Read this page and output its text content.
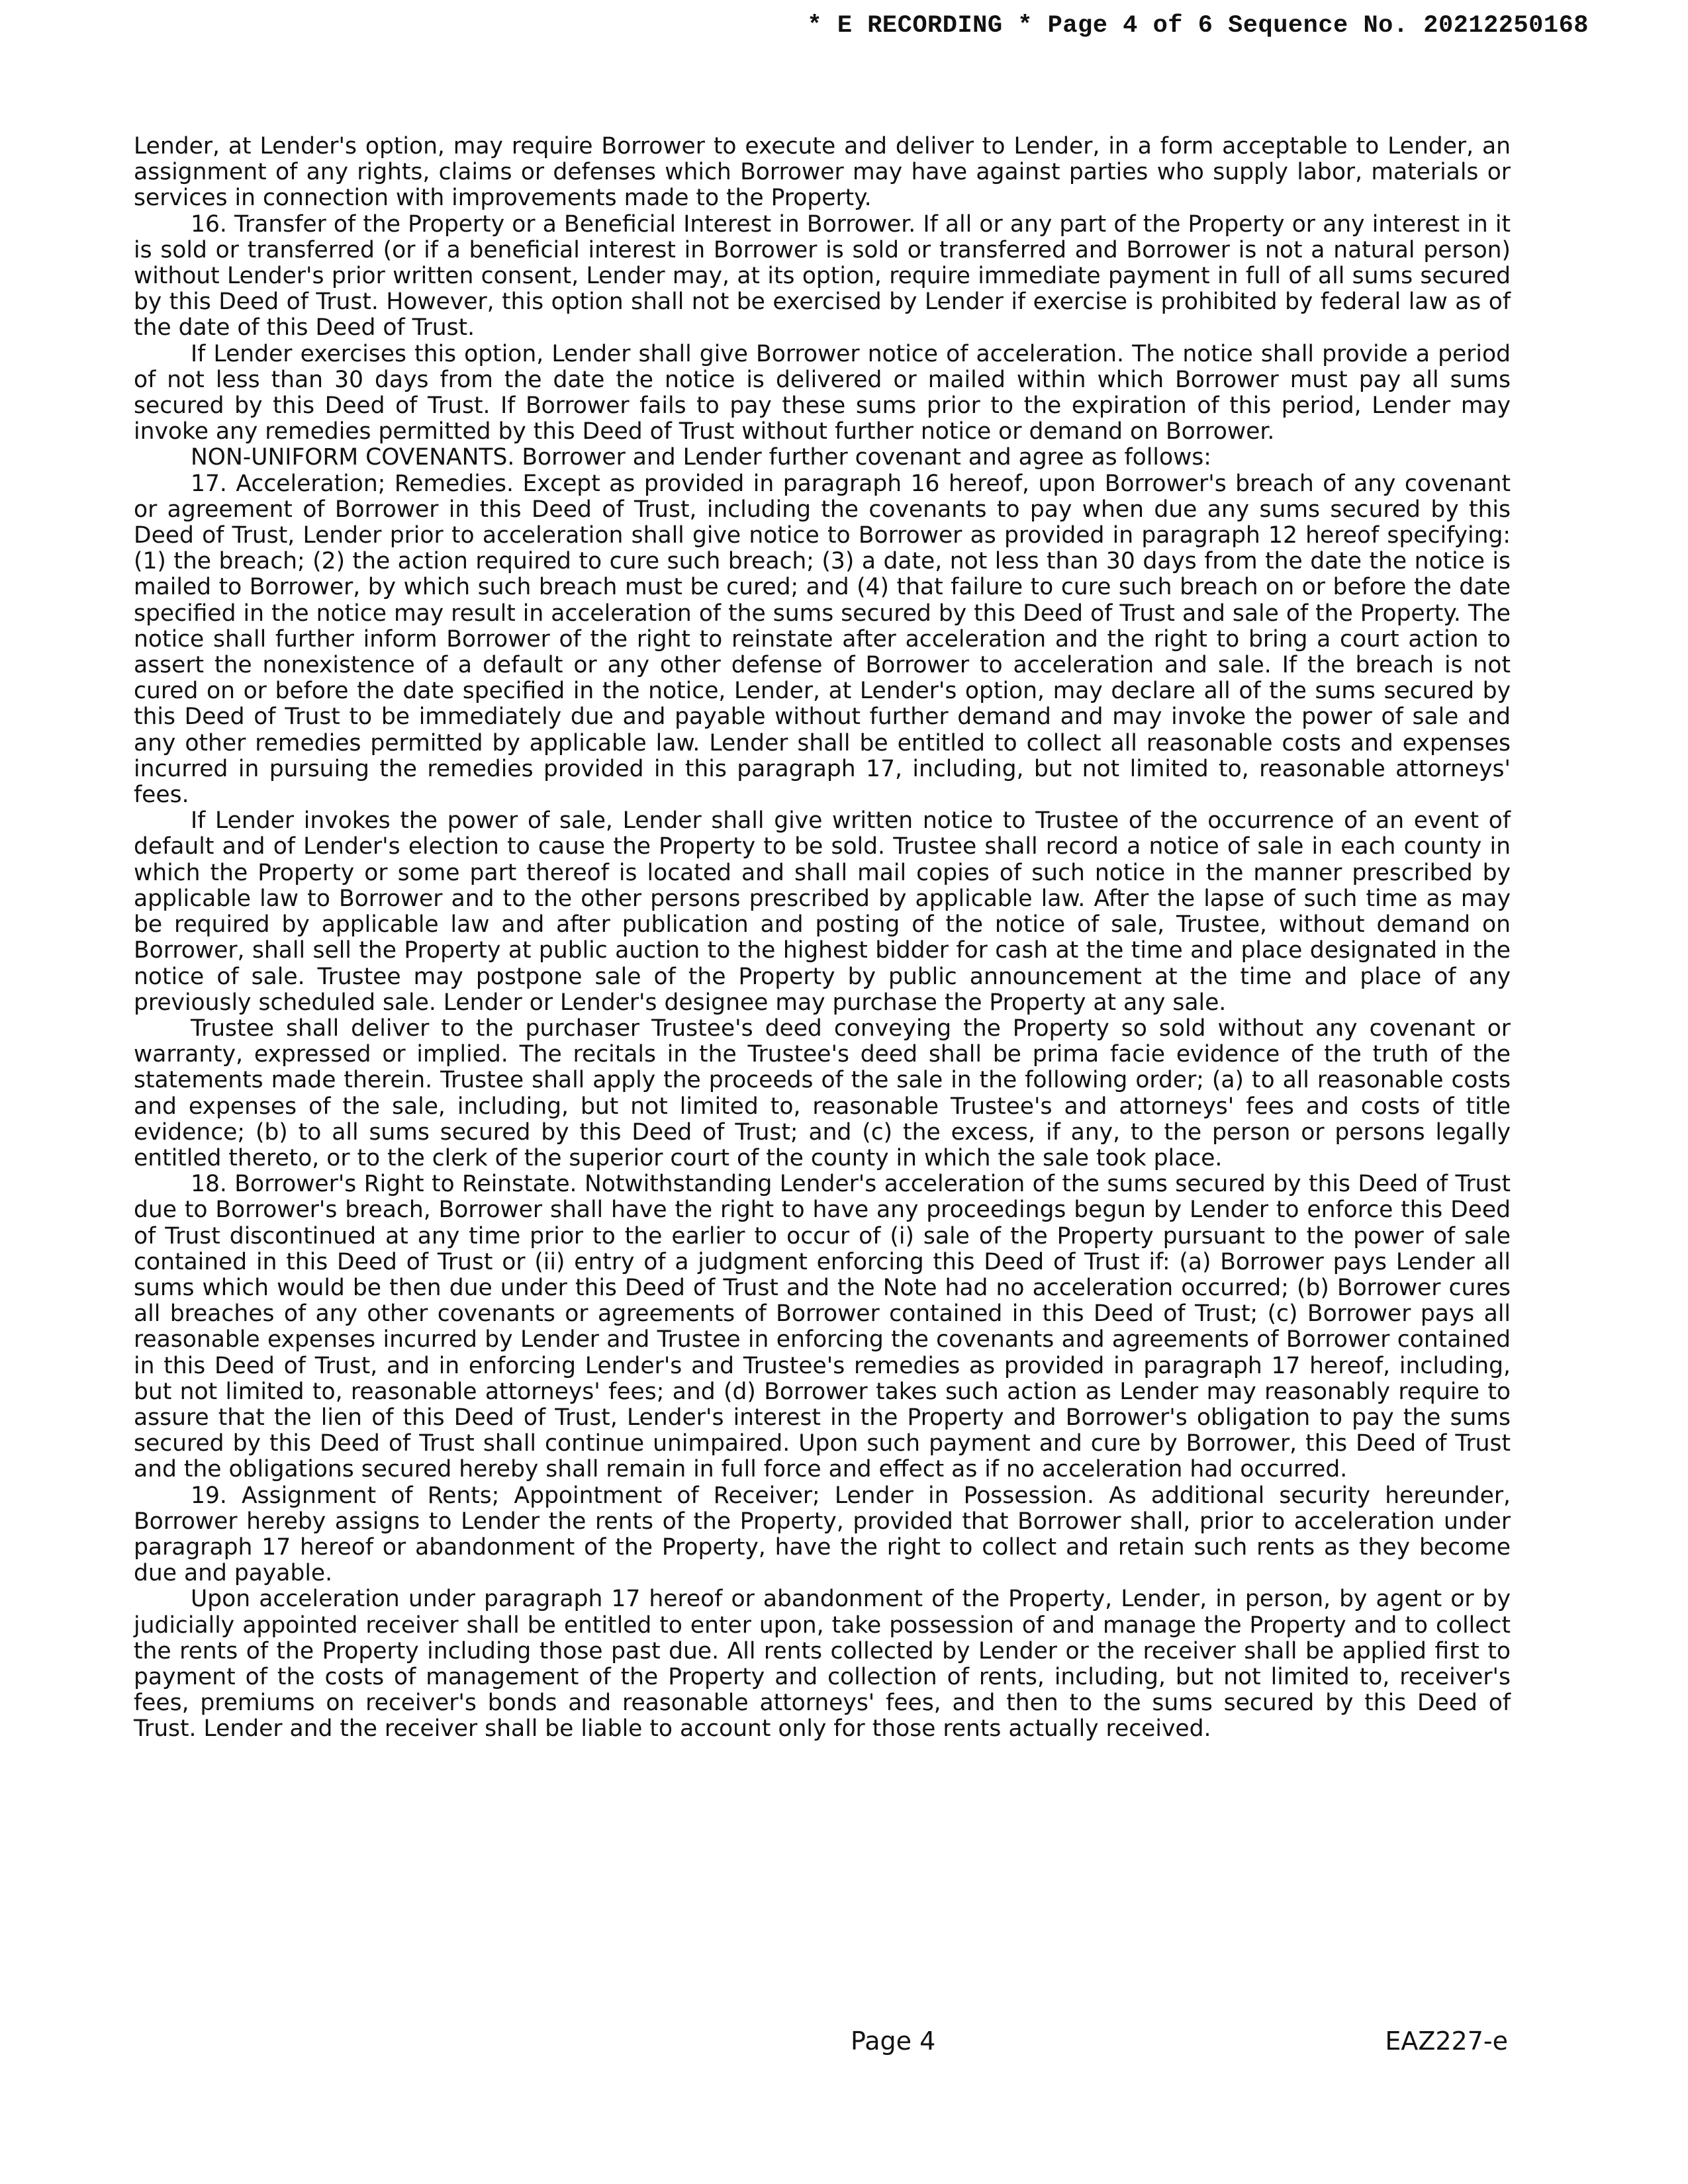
* E RECORDING * Page 4 of 6 Sequence No. 20212250168

Lender, at Lender's option, may require Borrower to execute and deliver to Lender, in a form acceptable to Lender, an assignment of any rights, claims or defenses which Borrower may have against parties who supply labor, materials or services in connection with improvements made to the Property.

16. Transfer of the Property or a Beneficial Interest in Borrower. If all or any part of the Property or any interest in it is sold or transferred (or if a beneficial interest in Borrower is sold or transferred and Borrower is not a natural person) without Lender's prior written consent, Lender may, at its option, require immediate payment in full of all sums secured by this Deed of Trust. However, this option shall not be exercised by Lender if exercise is prohibited by federal law as of the date of this Deed of Trust.

If Lender exercises this option, Lender shall give Borrower notice of acceleration. The notice shall provide a period of not less than 30 days from the date the notice is delivered or mailed within which Borrower must pay all sums secured by this Deed of Trust. If Borrower fails to pay these sums prior to the expiration of this period, Lender may invoke any remedies permitted by this Deed of Trust without further notice or demand on Borrower.

NON-UNIFORM COVENANTS. Borrower and Lender further covenant and agree as follows:

17. Acceleration; Remedies. Except as provided in paragraph 16 hereof, upon Borrower's breach of any covenant or agreement of Borrower in this Deed of Trust, including the covenants to pay when due any sums secured by this Deed of Trust, Lender prior to acceleration shall give notice to Borrower as provided in paragraph 12 hereof specifying: (1) the breach; (2) the action required to cure such breach; (3) a date, not less than 30 days from the date the notice is mailed to Borrower, by which such breach must be cured; and (4) that failure to cure such breach on or before the date specified in the notice may result in acceleration of the sums secured by this Deed of Trust and sale of the Property. The notice shall further inform Borrower of the right to reinstate after acceleration and the right to bring a court action to assert the nonexistence of a default or any other defense of Borrower to acceleration and sale. If the breach is not cured on or before the date specified in the notice, Lender, at Lender's option, may declare all of the sums secured by this Deed of Trust to be immediately due and payable without further demand and may invoke the power of sale and any other remedies permitted by applicable law. Lender shall be entitled to collect all reasonable costs and expenses incurred in pursuing the remedies provided in this paragraph 17, including, but not limited to, reasonable attorneys' fees.

If Lender invokes the power of sale, Lender shall give written notice to Trustee of the occurrence of an event of default and of Lender's election to cause the Property to be sold. Trustee shall record a notice of sale in each county in which the Property or some part thereof is located and shall mail copies of such notice in the manner prescribed by applicable law to Borrower and to the other persons prescribed by applicable law. After the lapse of such time as may be required by applicable law and after publication and posting of the notice of sale, Trustee, without demand on Borrower, shall sell the Property at public auction to the highest bidder for cash at the time and place designated in the notice of sale. Trustee may postpone sale of the Property by public announcement at the time and place of any previously scheduled sale. Lender or Lender's designee may purchase the Property at any sale.

Trustee shall deliver to the purchaser Trustee's deed conveying the Property so sold without any covenant or warranty, expressed or implied. The recitals in the Trustee's deed shall be prima facie evidence of the truth of the statements made therein. Trustee shall apply the proceeds of the sale in the following order; (a) to all reasonable costs and expenses of the sale, including, but not limited to, reasonable Trustee's and attorneys' fees and costs of title evidence; (b) to all sums secured by this Deed of Trust; and (c) the excess, if any, to the person or persons legally entitled thereto, or to the clerk of the superior court of the county in which the sale took place.

18. Borrower's Right to Reinstate. Notwithstanding Lender's acceleration of the sums secured by this Deed of Trust due to Borrower's breach, Borrower shall have the right to have any proceedings begun by Lender to enforce this Deed of Trust discontinued at any time prior to the earlier to occur of (i) sale of the Property pursuant to the power of sale contained in this Deed of Trust or (ii) entry of a judgment enforcing this Deed of Trust if: (a) Borrower pays Lender all sums which would be then due under this Deed of Trust and the Note had no acceleration occurred; (b) Borrower cures all breaches of any other covenants or agreements of Borrower contained in this Deed of Trust; (c) Borrower pays all reasonable expenses incurred by Lender and Trustee in enforcing the covenants and agreements of Borrower contained in this Deed of Trust, and in enforcing Lender's and Trustee's remedies as provided in paragraph 17 hereof, including, but not limited to, reasonable attorneys' fees; and (d) Borrower takes such action as Lender may reasonably require to assure that the lien of this Deed of Trust, Lender's interest in the Property and Borrower's obligation to pay the sums secured by this Deed of Trust shall continue unimpaired. Upon such payment and cure by Borrower, this Deed of Trust and the obligations secured hereby shall remain in full force and effect as if no acceleration had occurred.

19. Assignment of Rents; Appointment of Receiver; Lender in Possession. As additional security hereunder, Borrower hereby assigns to Lender the rents of the Property, provided that Borrower shall, prior to acceleration under paragraph 17 hereof or abandonment of the Property, have the right to collect and retain such rents as they become due and payable.

Upon acceleration under paragraph 17 hereof or abandonment of the Property, Lender, in person, by agent or by judicially appointed receiver shall be entitled to enter upon, take possession of and manage the Property and to collect the rents of the Property including those past due. All rents collected by Lender or the receiver shall be applied first to payment of the costs of management of the Property and collection of rents, including, but not limited to, receiver's fees, premiums on receiver's bonds and reasonable attorneys' fees, and then to the sums secured by this Deed of Trust. Lender and the receiver shall be liable to account only for those rents actually received.

Page 4	EAZ227-e
